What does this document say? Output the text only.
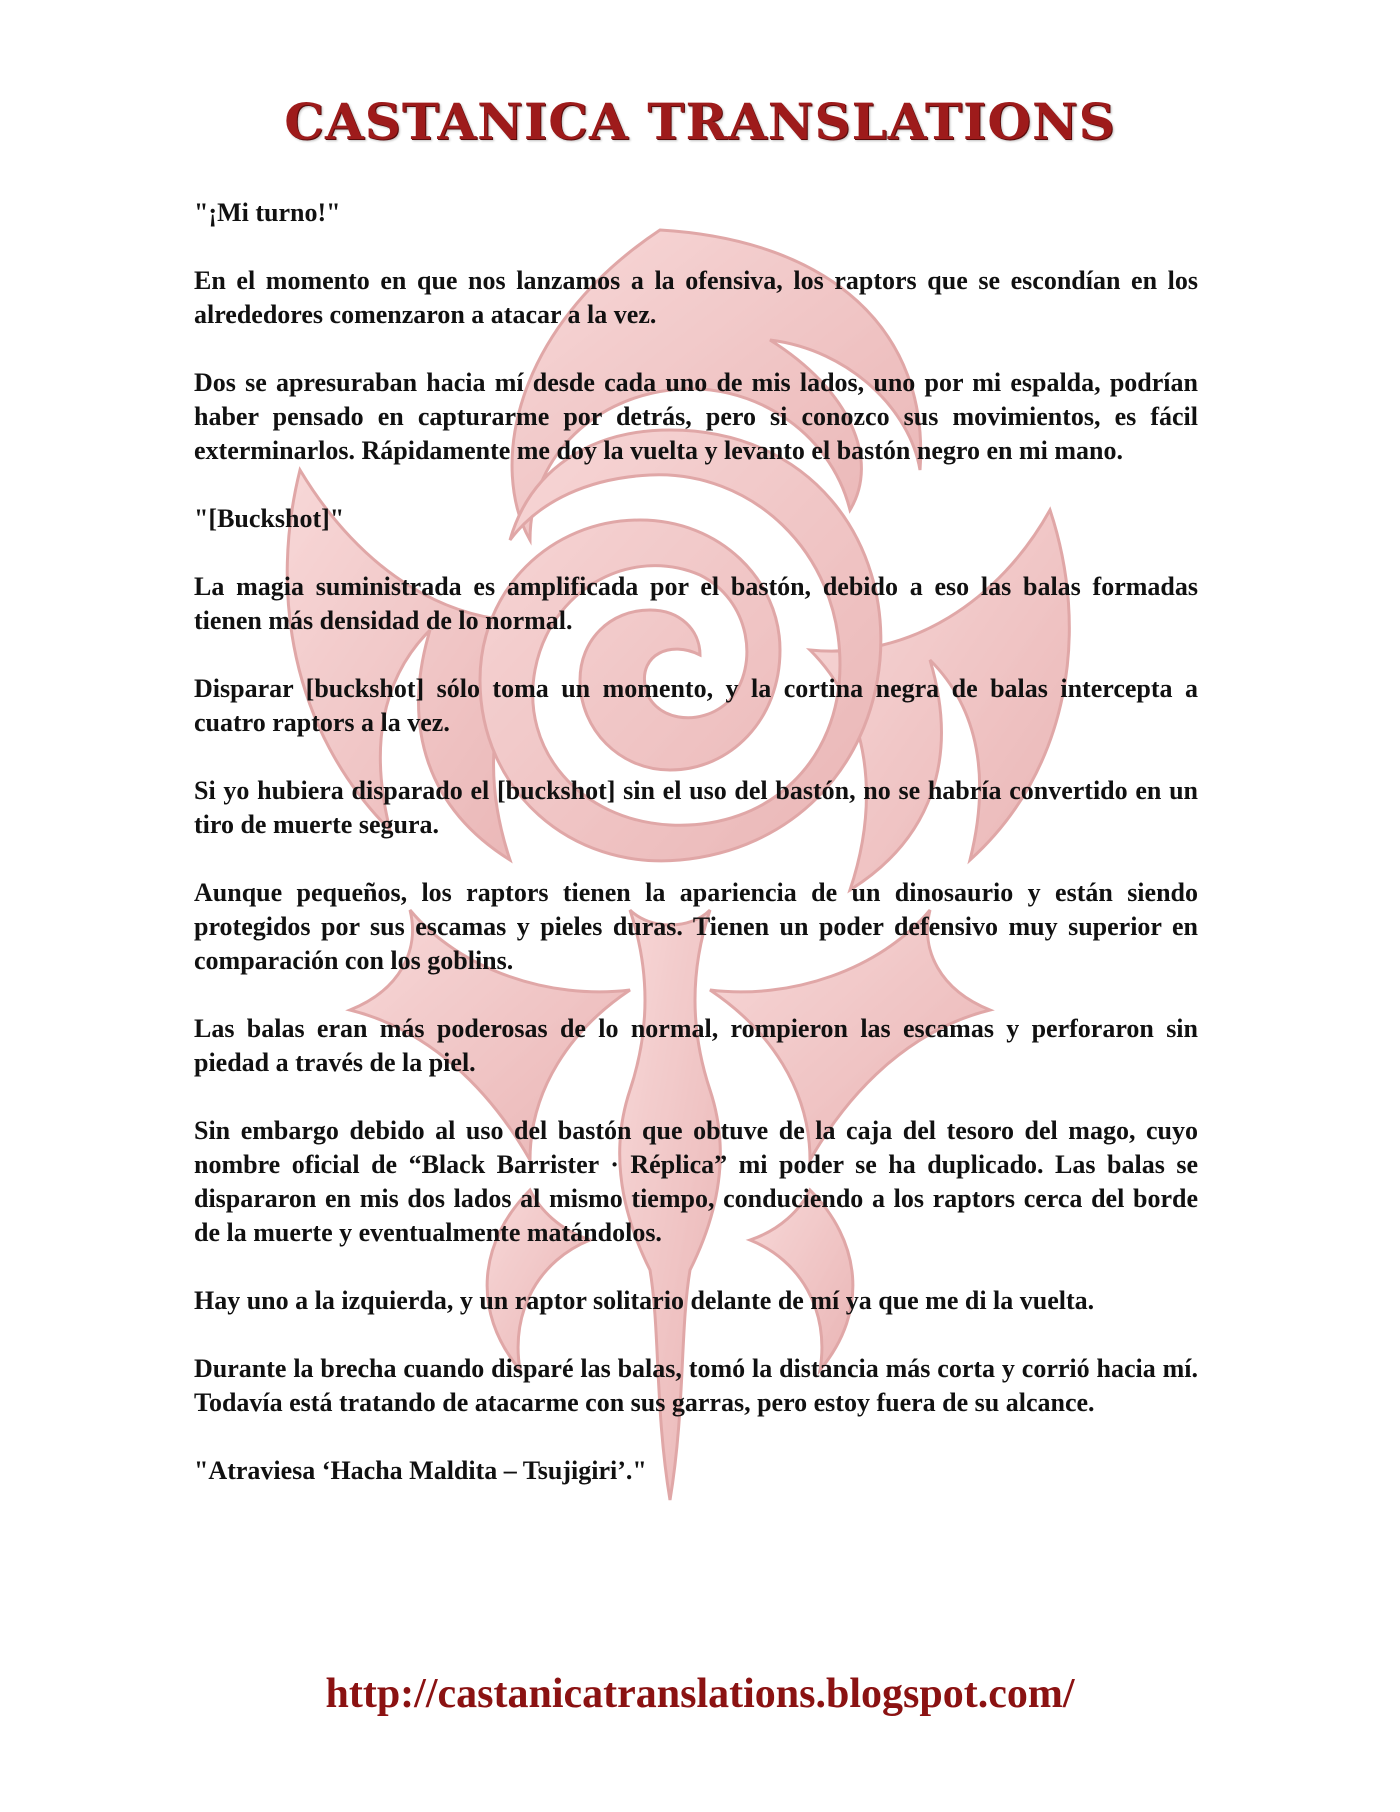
CASTANICA TRANSLATIONS

"¡Mi turno!"

En el momento en que nos lanzamos a la ofensiva, los raptors que se escondían en los alrededores comenzaron a atacar a la vez.

Dos se apresuraban hacia mí desde cada uno de mis lados, uno por mi espalda, podrían haber pensado en capturarme por detrás, pero si conozco sus movimientos, es fácil exterminarlos. Rápidamente me doy la vuelta y levanto el bastón negro en mi mano.

"[Buckshot]"

La magia suministrada es amplificada por el bastón, debido a eso las balas formadas tienen más densidad de lo normal.

Disparar [buckshot] sólo toma un momento, y la cortina negra de balas intercepta a cuatro raptors a la vez.

Si yo hubiera disparado el [buckshot] sin el uso del bastón, no se habría convertido en un tiro de muerte segura.

Aunque pequeños, los raptors tienen la apariencia de un dinosaurio y están siendo protegidos por sus escamas y pieles duras. Tienen un poder defensivo muy superior en comparación con los goblins.

Las balas eran más poderosas de lo normal, rompieron las escamas y perforaron sin piedad a través de la piel.

Sin embargo debido al uso del bastón que obtuve de la caja del tesoro del mago, cuyo nombre oficial de “Black Barrister · Réplica” mi poder se ha duplicado. Las balas se dispararon en mis dos lados al mismo tiempo, conduciendo a los raptors cerca del borde de la muerte y eventualmente matándolos.

Hay uno a la izquierda, y un raptor solitario delante de mí ya que me di la vuelta.

Durante la brecha cuando disparé las balas, tomó la distancia más corta y corrió hacia mí. Todavía está tratando de atacarme con sus garras, pero estoy fuera de su alcance.

"Atraviesa ‘Hacha Maldita – Tsujigiri’."

http://castanicatranslations.blogspot.com/
